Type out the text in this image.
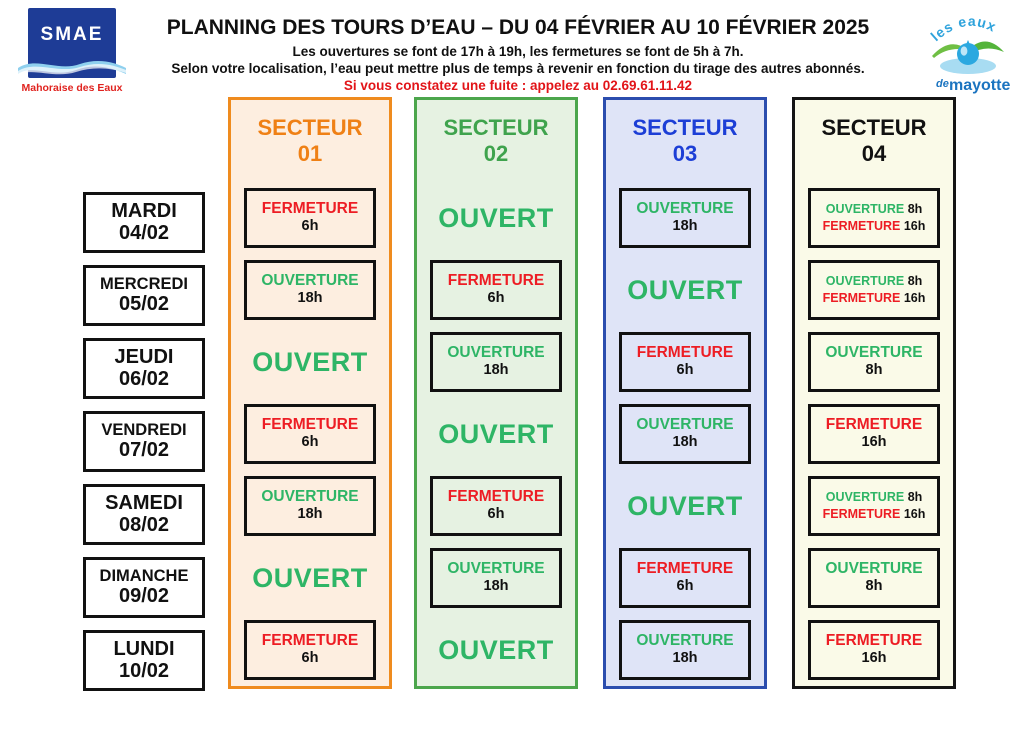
SMAE
Mahoraise des Eaux
les eaux
de mayotte
PLANNING DES TOURS D’EAU – DU 04 FÉVRIER AU 10 FÉVRIER 2025
Les ouvertures se font de 17h à 19h, les fermetures se font de 5h à 7h.
Selon votre localisation, l’eau peut mettre plus de temps à revenir en fonction du tirage des autres abonnés.
Si vous constatez une fuite : appelez au 02.69.61.11.42
MARDI
04/02
MERCREDI
05/02
JEUDI
06/02
VENDREDI
07/02
SAMEDI
08/02
DIMANCHE
09/02
LUNDI
10/02
SECTEUR
01
FERMETURE
6h
OUVERTURE
18h
OUVERT
FERMETURE
6h
OUVERTURE
18h
OUVERT
FERMETURE
6h
SECTEUR
02
OUVERT
FERMETURE
6h
OUVERTURE
18h
OUVERT
FERMETURE
6h
OUVERTURE
18h
OUVERT
SECTEUR
03
OUVERTURE
18h
OUVERT
FERMETURE
6h
OUVERTURE
18h
OUVERT
FERMETURE
6h
OUVERTURE
18h
SECTEUR
04
OUVERTURE 8h
FERMETURE 16h
OUVERTURE 8h
FERMETURE 16h
OUVERTURE
8h
FERMETURE
16h
OUVERTURE 8h
FERMETURE 16h
OUVERTURE
8h
FERMETURE
16h
